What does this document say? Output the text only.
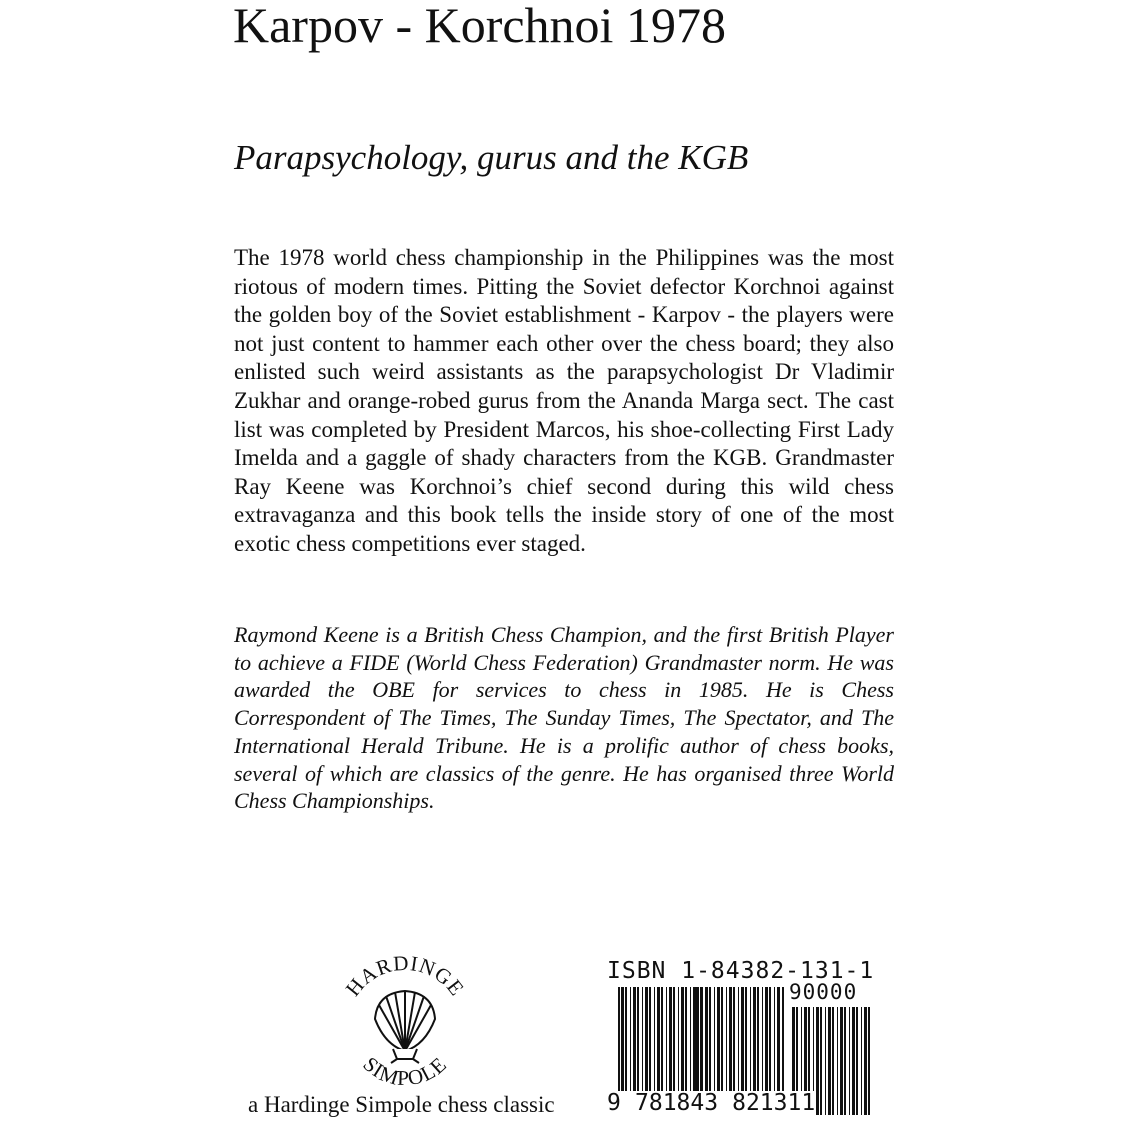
Karpov - Korchnoi 1978
Parapsychology, gurus and the KGB
The 1978 world chess championship in the Philippines was the most riotous of modern times. Pitting the Soviet defector Korchnoi against the golden boy of the Soviet establishment - Karpov - the players were not just content to hammer each other over the chess board; they also enlisted such weird assistants as the parapsychologist Dr Vladimir Zukhar and orange-robed gurus from the Ananda Marga sect. The cast list was completed by President Marcos, his shoe-collecting First Lady Imelda and a gaggle of shady characters from the KGB. Grandmaster Ray Keene was Korchnoi’s chief second during this wild chess extravaganza and this book tells the inside story of one of the most exotic chess competitions ever staged.
Raymond Keene is a British Chess Champion, and the first British Player to achieve a FIDE (World Chess Federation) Grandmaster norm. He was awarded the OBE for services to chess in 1985. He is Chess Correspondent of The Times, The Sunday Times, The Spectator, and The International Herald Tribune. He is a prolific author of chess books, several of which are classics of the genre. He has organised three World Chess Championships.
HARDINGE
SIMPOLE
a Hardinge Simpole chess classic
ISBN 1-84382-131-1
90000
9 781843 821311
